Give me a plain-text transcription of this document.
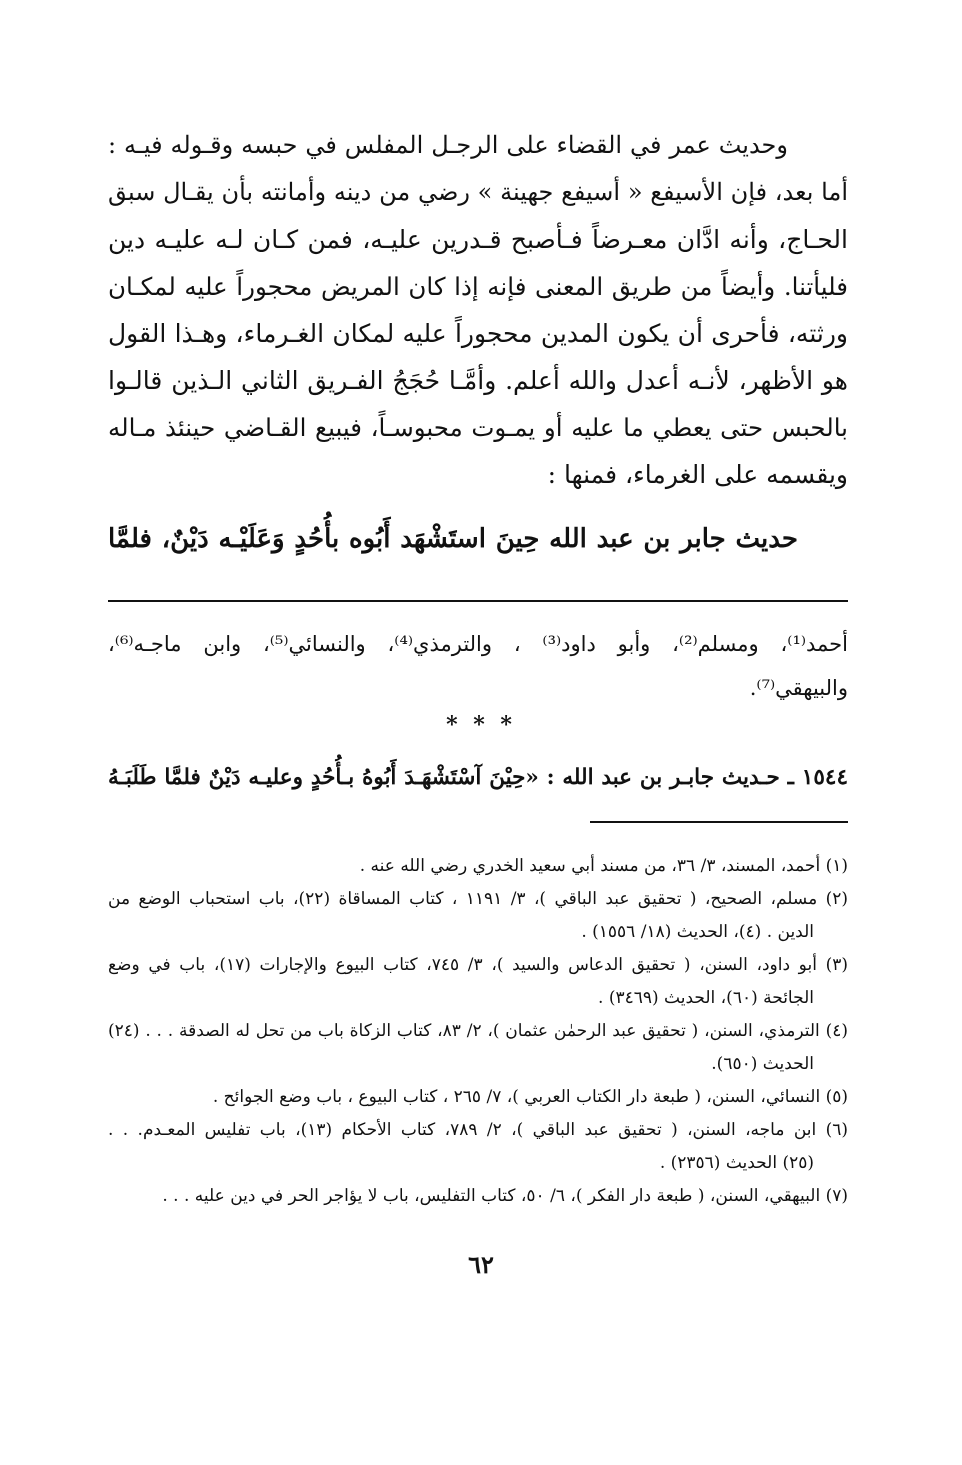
وحديث عمر في القضاء على الرجـل المفلس في حبسه وقـوله فيـه :
أما بعد، فإن الأسيفع « أسيفع جهينة » رضي من دينه وأمانته بأن يقـال سبق
الحـاج، وأنه ادَّان معـرضاً فـأصبح قـدرين عليـه، فمن كـان لـه عليـه دين
فليأتنا. وأيضاً من طريق المعنى فإنه إذا كان المريض محجوراً عليه لمكـان
ورثته، فأحرى أن يكون المدين محجوراً عليه لمكان الغـرماء، وهـذا القول
هو الأظهر، لأنـه أعدل والله أعلم. وأمَّـا حُجَجُ الفـريق الثاني الـذين قالـوا
بالحبس حتى يعطي ما عليه أو يمـوت محبوسـاً، فيبيع القـاضي حينئذ مـاله
ويقسمه على الغرماء، فمنها :
حديث جابر بن عبد الله حِينَ استَشْهَد أَبُوه بأُحُدٍ وَعَلَيْـه دَيْنٌ، فلمَّا
أحمد⁽¹⁾، ومسلم⁽²⁾، وأبو داود⁽³⁾ ، والترمذي⁽⁴⁾، والنسائي⁽⁵⁾، وابن ماجـه⁽⁶⁾،
والبيهقي⁽⁷⁾.
* * *
١٥٤٤ ـ حـديث جابـر بن عبد الله : «حِيْنَ آسْتَشْهَـدَ أَبُوهُ بـأُحُدٍ وعليـه دَيْنٌ فلمَّا طَلَبَـهُ
(١) أحمد، المسند، ٣/ ٣٦، من مسند أبي سعيد الخدري رضي الله عنه .
(٢) مسلم، الصحيح، ( تحقيق عبد الباقي )، ٣/ ١١٩١ ، كتاب المساقاة (٢٢)، باب استحباب الوضع من
الدين . (٤)، الحديث (١٨/ ١٥٥٦) .
(٣) أبو داود، السنن، ( تحقيق الدعاس والسيد )، ٣/ ٧٤٥، كتاب البيوع والإجارات (١٧)، باب في وضع
الجائحة (٦٠)، الحديث (٣٤٦٩) .
(٤) الترمذي، السنن، ( تحقيق عبد الرحمٰن عثمان )، ٢/ ٨٣، كتاب الزكاة باب من تحل له الصدقة . . . (٢٤)
الحديث (٦٥٠).
(٥) النسائي، السنن، ( طبعة دار الكتاب العربي )، ٧/ ٢٦٥ ، كتاب البيوع ، باب وضع الجوائح .
(٦) ابن ماجه، السنن، ( تحقيق عبد الباقي )، ٢/ ٧٨٩، كتاب الأحكام (١٣)، باب تفليس المعـدم. . .
(٢٥) الحديث (٢٣٥٦) .
(٧) البيهقي، السنن، ( طبعة دار الفكر )، ٦/ ٥٠، كتاب التفليس، باب لا يؤاجر الحر في دين عليه . . .
٦٢
